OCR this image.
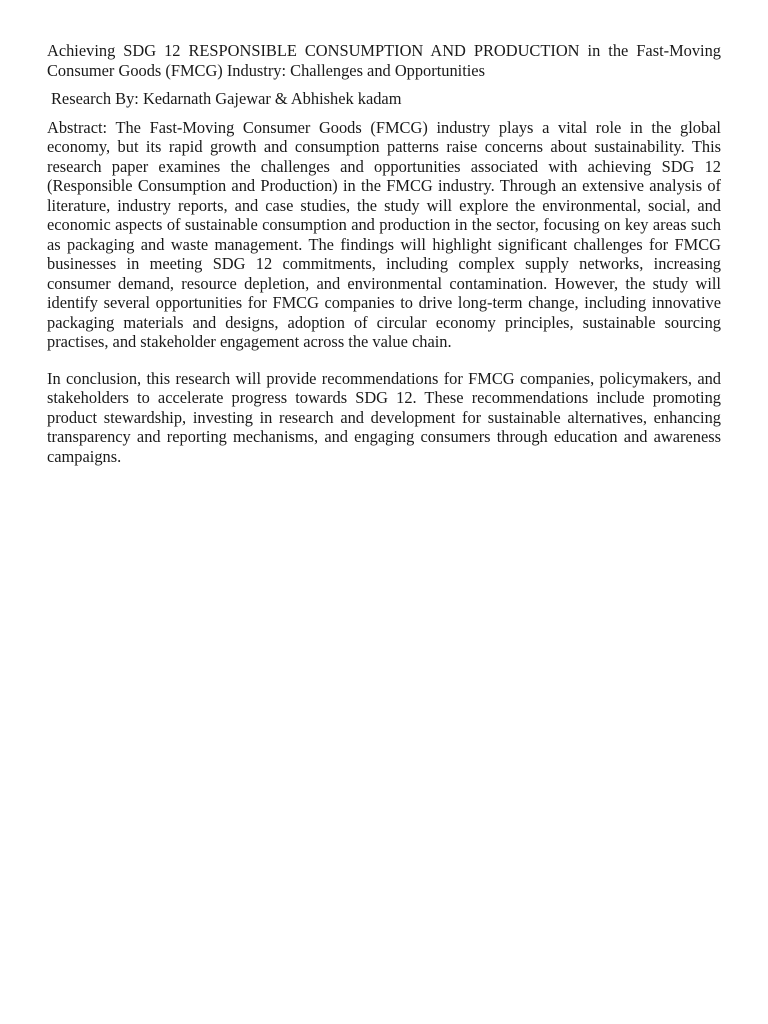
Achieving SDG 12 RESPONSIBLE CONSUMPTION AND PRODUCTION in the Fast-Moving Consumer Goods (FMCG) Industry: Challenges and Opportunities

Research By: Kedarnath Gajewar & Abhishek kadam

Abstract: The Fast-Moving Consumer Goods (FMCG) industry plays a vital role in the global economy, but its rapid growth and consumption patterns raise concerns about sustainability. This research paper examines the challenges and opportunities associated with achieving SDG 12 (Responsible Consumption and Production) in the FMCG industry. Through an extensive analysis of literature, industry reports, and case studies, the study will explore the environmental, social, and economic aspects of sustainable consumption and production in the sector, focusing on key areas such as packaging and waste management. The findings will highlight significant challenges for FMCG businesses in meeting SDG 12 commitments, including complex supply networks, increasing consumer demand, resource depletion, and environmental contamination. However, the study will identify several opportunities for FMCG companies to drive long-term change, including innovative packaging materials and designs, adoption of circular economy principles, sustainable sourcing practises, and stakeholder engagement across the value chain.

In conclusion, this research will provide recommendations for FMCG companies, policymakers, and stakeholders to accelerate progress towards SDG 12. These recommendations include promoting product stewardship, investing in research and development for sustainable alternatives, enhancing transparency and reporting mechanisms, and engaging consumers through education and awareness campaigns.
